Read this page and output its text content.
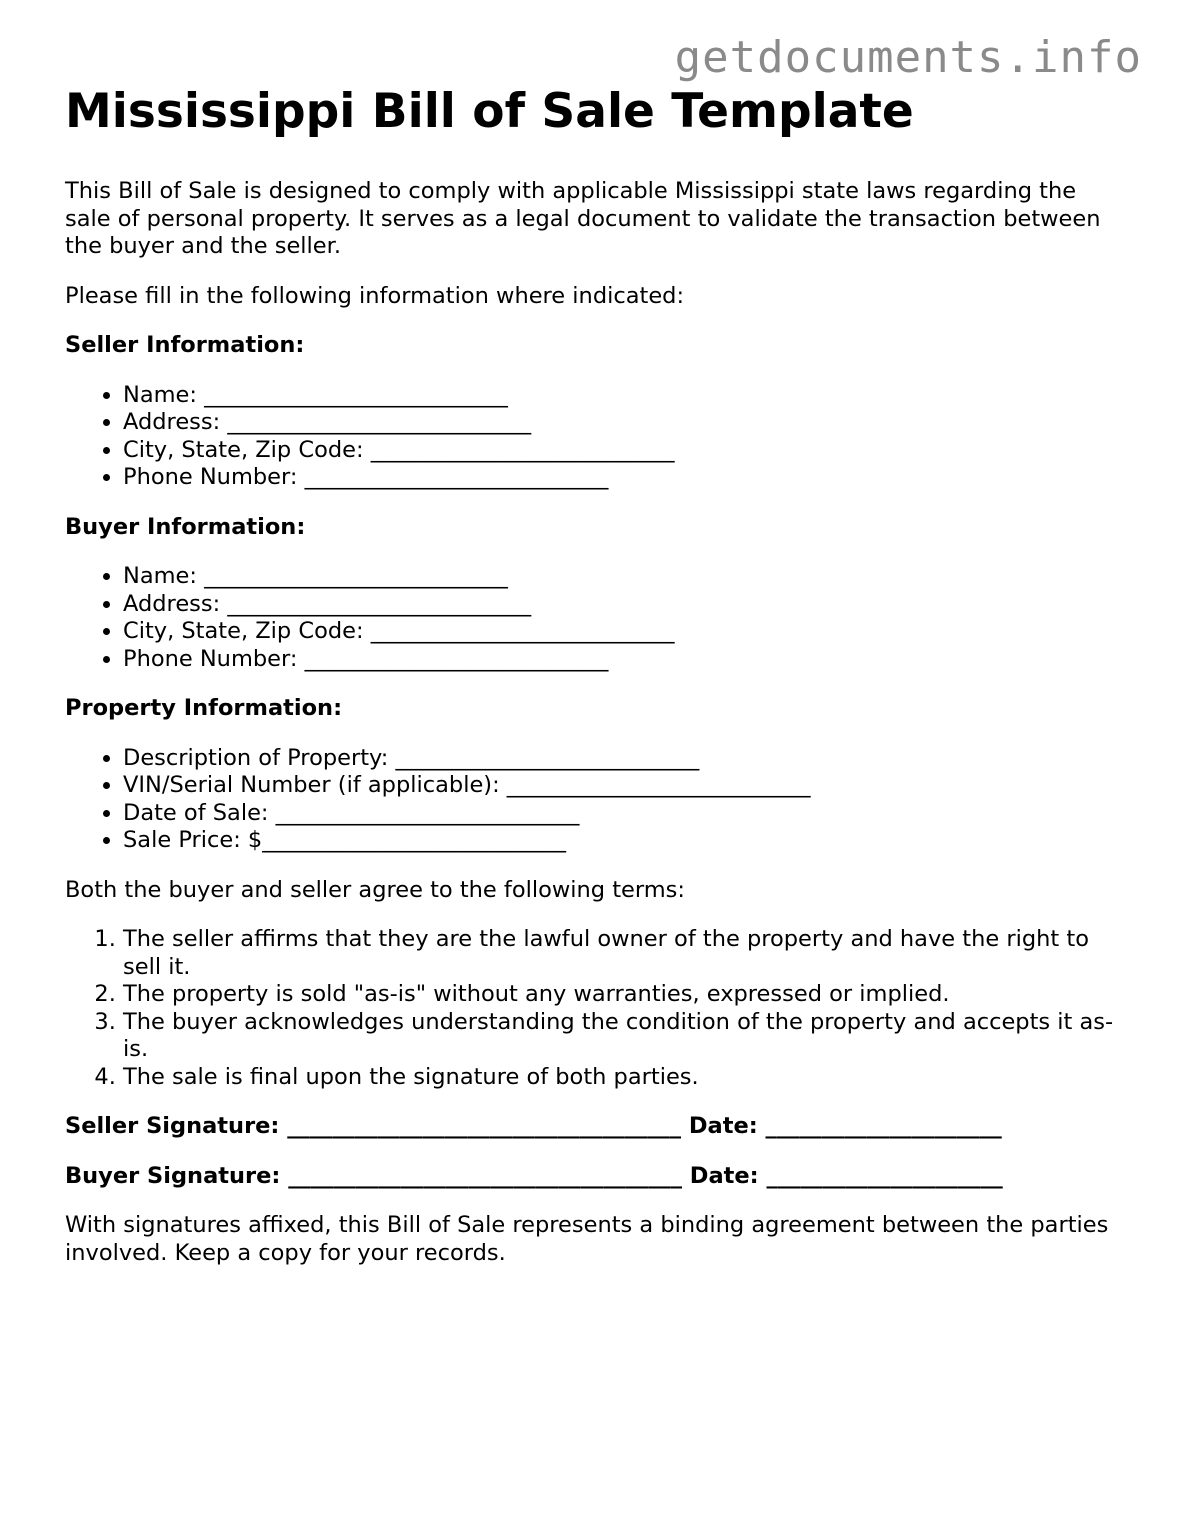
getdocuments.info
Mississippi Bill of Sale Template

This Bill of Sale is designed to comply with applicable Mississippi state laws regarding the sale of personal property. It serves as a legal document to validate the transaction between the buyer and the seller.

Please fill in the following information where indicated:

Seller Information:

• Name: ___________________________
• Address: ___________________________
• City, State, Zip Code: ___________________________
• Phone Number: ___________________________

Buyer Information:

• Name: ___________________________
• Address: ___________________________
• City, State, Zip Code: ___________________________
• Phone Number: ___________________________

Property Information:

• Description of Property: ___________________________
• VIN/Serial Number (if applicable): ___________________________
• Date of Sale: ___________________________
• Sale Price: $___________________________

Both the buyer and seller agree to the following terms:

1. The seller affirms that they are the lawful owner of the property and have the right to sell it.
2. The property is sold "as-is" without any warranties, expressed or implied.
3. The buyer acknowledges understanding the condition of the property and accepts it as-is.
4. The sale is final upon the signature of both parties.

Seller Signature: ___________________________________ Date: _____________________

Buyer Signature: ___________________________________ Date: _____________________

With signatures affixed, this Bill of Sale represents a binding agreement between the parties involved. Keep a copy for your records.
